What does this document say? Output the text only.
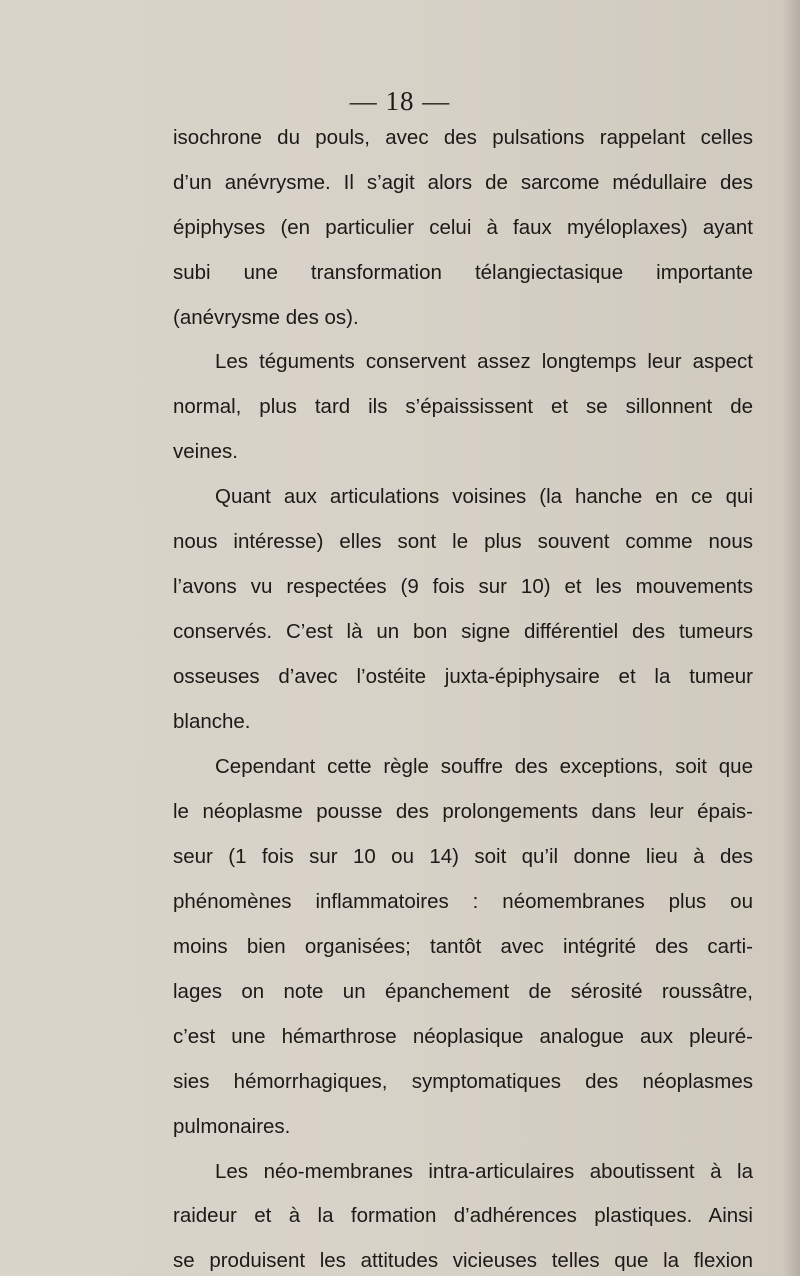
— 18 —
isochrone du pouls, avec des pulsations rappelant celles
d’un anévrysme. Il s’agit alors de sarcome médullaire des
épiphyses (en particulier celui à faux myéloplaxes) ayant
subi une transformation télangiectasique importante
(anévrysme des os).
Les téguments conservent assez longtemps leur aspect
normal, plus tard ils s’épaississent et se sillonnent de
veines.
Quant aux articulations voisines (la hanche en ce qui
nous intéresse) elles sont le plus souvent comme nous
l’avons vu respectées (9 fois sur 10) et les mouvements
conservés. C’est là un bon signe différentiel des tumeurs
osseuses d’avec l’ostéite juxta-épiphysaire et la tumeur
blanche.
Cependant cette règle souffre des exceptions, soit que
le néoplasme pousse des prolongements dans leur épais-
seur (1 fois sur 10 ou 14) soit qu’il donne lieu à des
phénomènes inflammatoires : néomembranes plus ou
moins bien organisées; tantôt avec intégrité des carti-
lages on note un épanchement de sérosité roussâtre,
c’est une hémarthrose néoplasique analogue aux pleuré-
sies hémorrhagiques, symptomatiques des néoplasmes
pulmonaires.
Les néo-membranes intra-articulaires aboutissent à la
raideur et à la formation d’adhérences plastiques. Ainsi
se produisent les attitudes vicieuses telles que la flexion
